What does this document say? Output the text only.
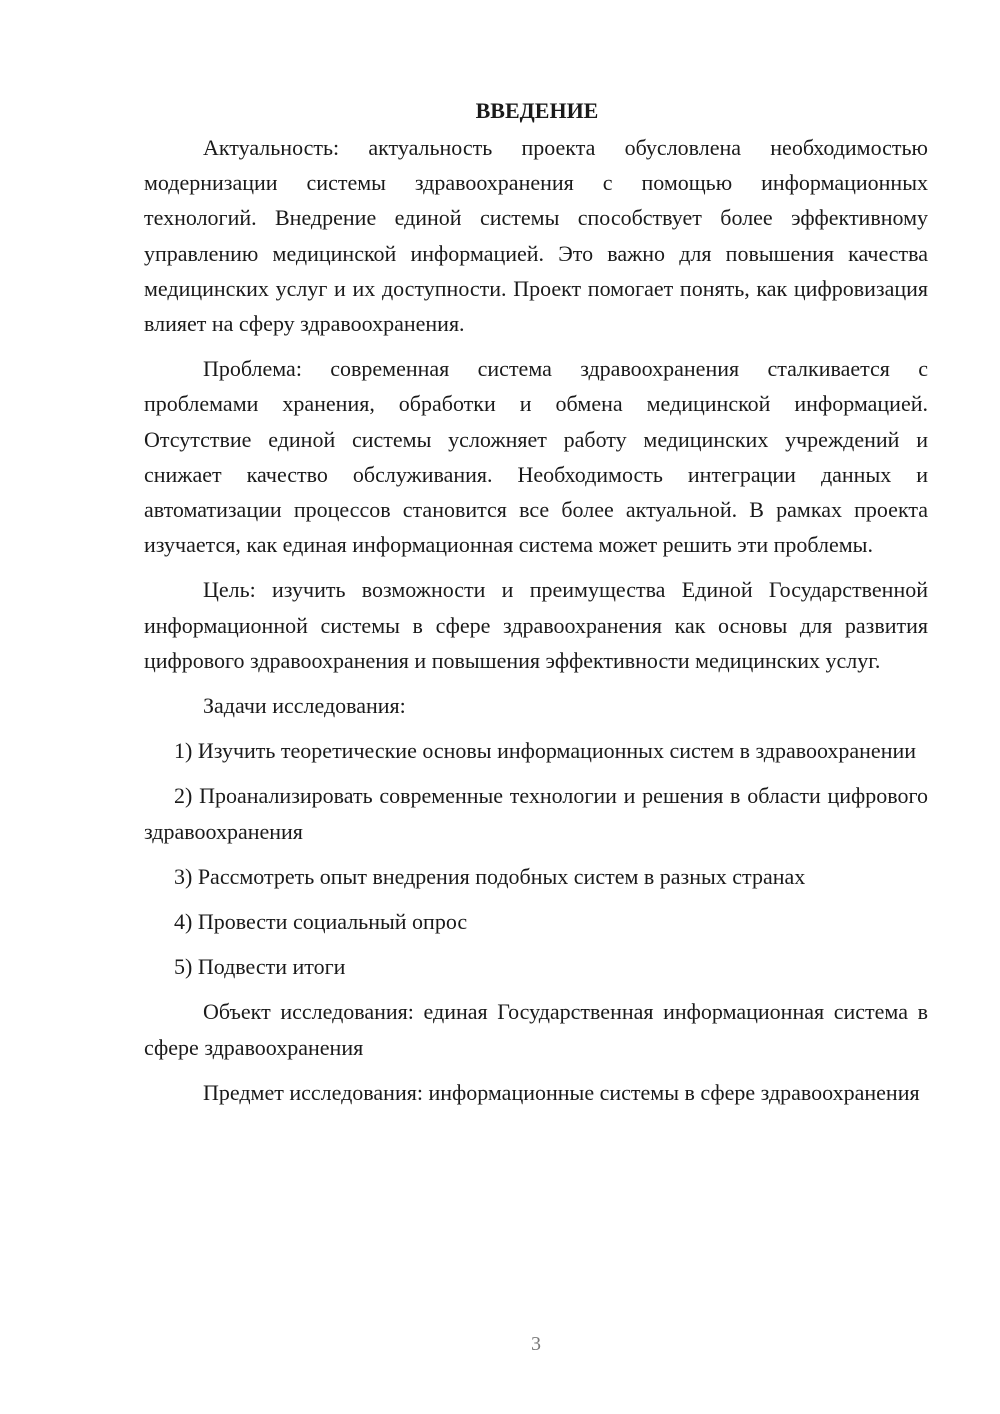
ВВЕДЕНИЕ

Актуальность: актуальность проекта обусловлена необходимостью модернизации системы здравоохранения с помощью информационных технологий. Внедрение единой системы способствует более эффективному управлению медицинской информацией. Это важно для повышения качества медицинских услуг и их доступности. Проект помогает понять, как цифровизация влияет на сферу здравоохранения.

Проблема: современная система здравоохранения сталкивается с проблемами хранения, обработки и обмена медицинской информацией. Отсутствие единой системы усложняет работу медицинских учреждений и снижает качество обслуживания. Необходимость интеграции данных и автоматизации процессов становится все более актуальной. В рамках проекта изучается, как единая информационная система может решить эти проблемы.

Цель: изучить возможности и преимущества Единой Государственной информационной системы в сфере здравоохранения как основы для развития цифрового здравоохранения и повышения эффективности медицинских услуг.

Задачи исследования:

1) Изучить теоретические основы информационных систем в здравоохранении

2) Проанализировать современные технологии и решения в области цифрового здравоохранения

3) Рассмотреть опыт внедрения подобных систем в разных странах

4) Провести социальный опрос

5) Подвести итоги

Объект исследования: единая Государственная информационная система в сфере здравоохранения

Предмет исследования: информационные системы в сфере здравоохранения

3
